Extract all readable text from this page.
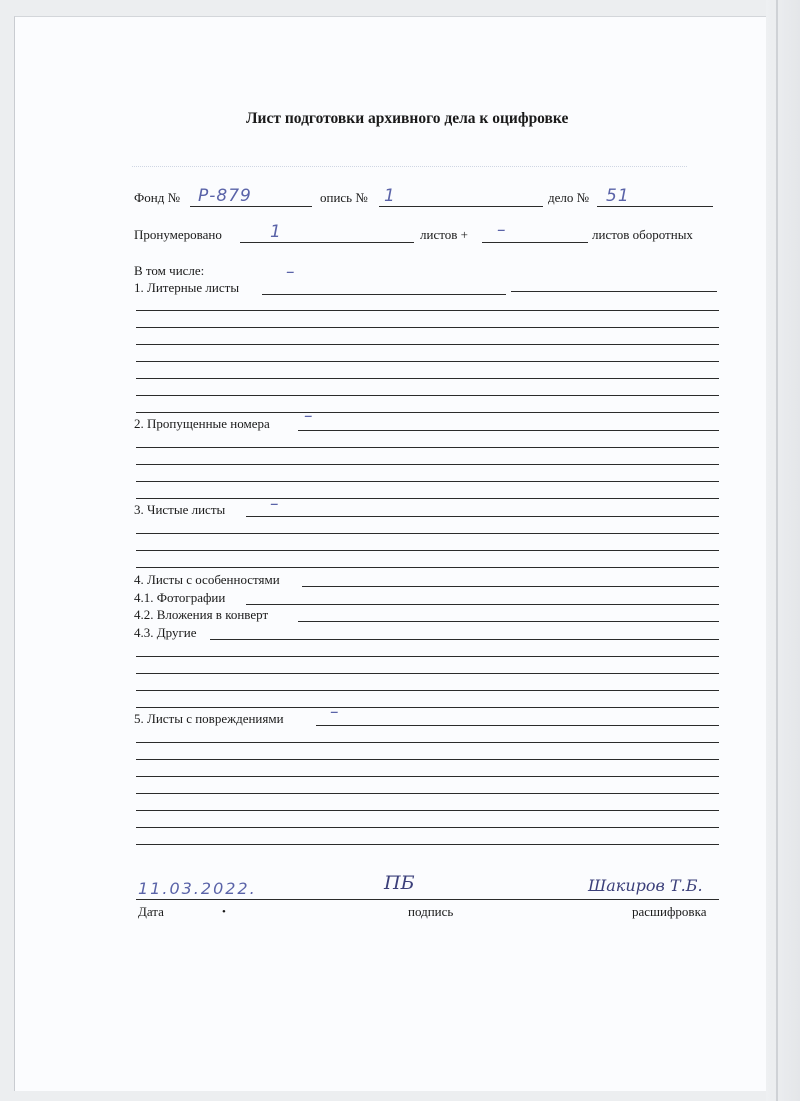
Лист подготовки архивного дела к оцифровке
Фонд № Р-879	опись № 1	дело № 51
Пронумеровано	1	листов + –	листов оборотных
В том числе:
1. Литерные листы
–
2. Пропущенные номера –
3. Чистые листы	–
4. Листы с особенностями
4.1. Фотографии
4.2. Вложения в конверт
4.3. Другие
5. Листы с повреждениями	–
11.03.2022.	ПБ	Шакиров Т.Б.
Дата	•	подпись	расшифровка
